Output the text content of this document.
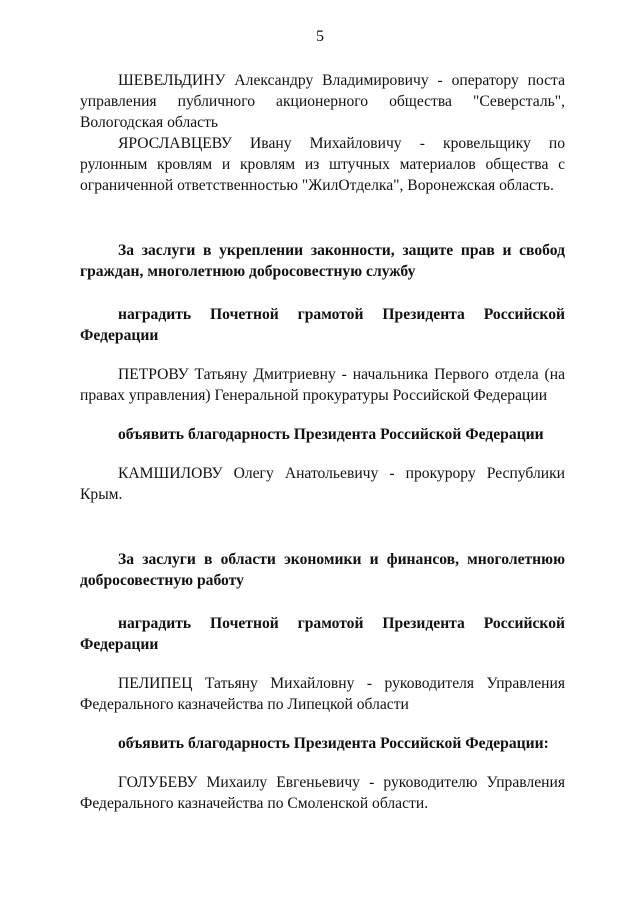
5

ШЕВЕЛЬДИНУ Александру Владимировичу - оператору поста управления публичного акционерного общества "Северсталь", Вологодская область

ЯРОСЛАВЦЕВУ Ивану Михайловичу - кровельщику по рулонным кровлям и кровлям из штучных материалов общества с ограниченной ответственностью "ЖилОтделка", Воронежская область.

За заслуги в укреплении законности, защите прав и свобод граждан, многолетнюю добросовестную службу

наградить Почетной грамотой Президента Российской Федерации

ПЕТРОВУ Татьяну Дмитриевну - начальника Первого отдела (на правах управления) Генеральной прокуратуры Российской Федерации

объявить благодарность Президента Российской Федерации

КАМШИЛОВУ Олегу Анатольевичу - прокурору Республики Крым.

За заслуги в области экономики и финансов, многолетнюю добросовестную работу

наградить Почетной грамотой Президента Российской Федерации

ПЕЛИПЕЦ Татьяну Михайловну - руководителя Управления Федерального казначейства по Липецкой области

объявить благодарность Президента Российской Федерации:

ГОЛУБЕВУ Михаилу Евгеньевичу - руководителю Управления Федерального казначейства по Смоленской области.
